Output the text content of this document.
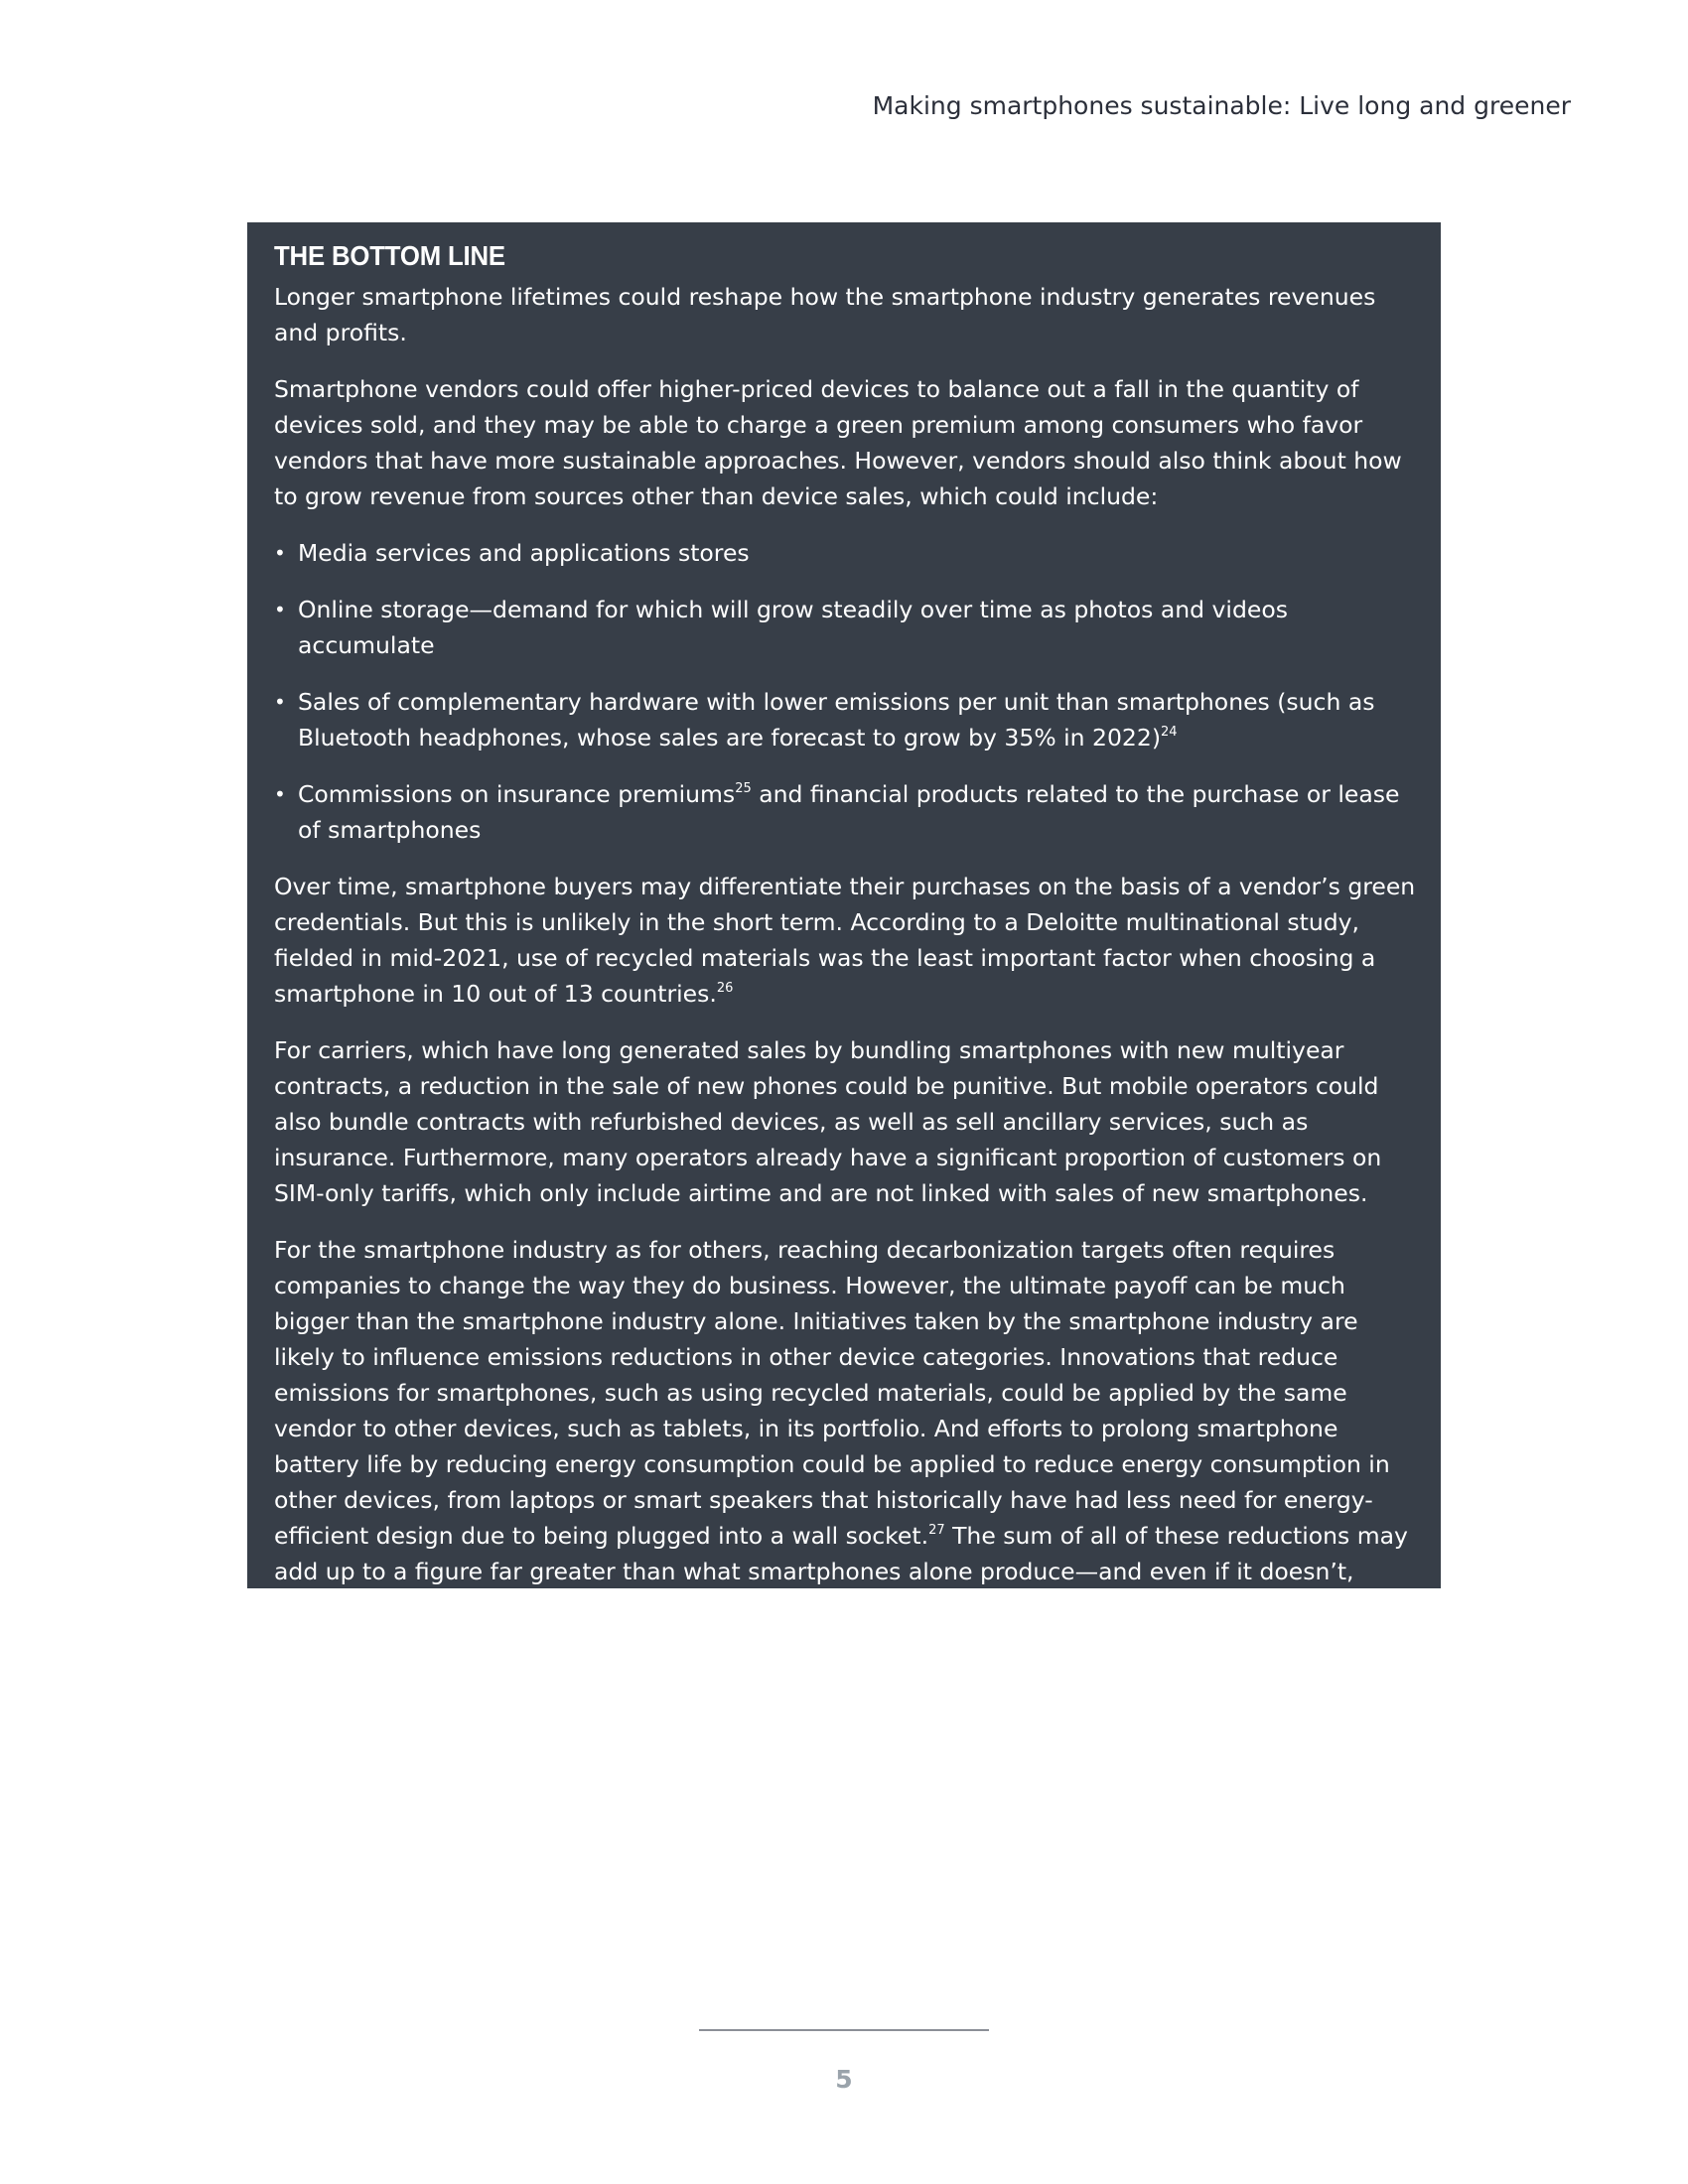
Making smartphones sustainable: Live long and greener
THE BOTTOM LINE

Longer smartphone lifetimes could reshape how the smartphone industry generates revenues and profits.

Smartphone vendors could offer higher-priced devices to balance out a fall in the quantity of devices sold, and they may be able to charge a green premium among consumers who favor vendors that have more sustainable approaches. However, vendors should also think about how to grow revenue from sources other than device sales, which could include:

• Media services and applications stores
• Online storage—demand for which will grow steadily over time as photos and videos accumulate
• Sales of complementary hardware with lower emissions per unit than smartphones (such as Bluetooth headphones, whose sales are forecast to grow by 35% in 2022)$^{24}$
• Commissions on insurance premiums$^{25}$ and financial products related to the purchase or lease of smartphones

Over time, smartphone buyers may differentiate their purchases on the basis of a vendor’s green credentials. But this is unlikely in the short term. According to a Deloitte multinational study, fielded in mid-2021, use of recycled materials was the least important factor when choosing a smartphone in 10 out of 13 countries.$^{26}$

For carriers, which have long generated sales by bundling smartphones with new multiyear contracts, a reduction in the sale of new phones could be punitive. But mobile operators could also bundle contracts with refurbished devices, as well as sell ancillary services, such as insurance. Furthermore, many operators already have a significant proportion of customers on SIM-only tariffs, which only include airtime and are not linked with sales of new smartphones.

For the smartphone industry as for others, reaching decarbonization targets often requires companies to change the way they do business. However, the ultimate payoff can be much bigger than the smartphone industry alone. Initiatives taken by the smartphone industry are likely to influence emissions reductions in other device categories. Innovations that reduce emissions for smartphones, such as using recycled materials, could be applied by the same vendor to other devices, such as tablets, in its portfolio. And efforts to prolong smartphone battery life by reducing energy consumption could be applied to reduce energy consumption in other devices, from laptops or smart speakers that historically have had less need for energy-efficient design due to being plugged into a wall socket.$^{27}$ The sum of all of these reductions may add up to a figure far greater than what smartphones alone produce—and even if it doesn’t, every little bit counts.$^{28}$

5
